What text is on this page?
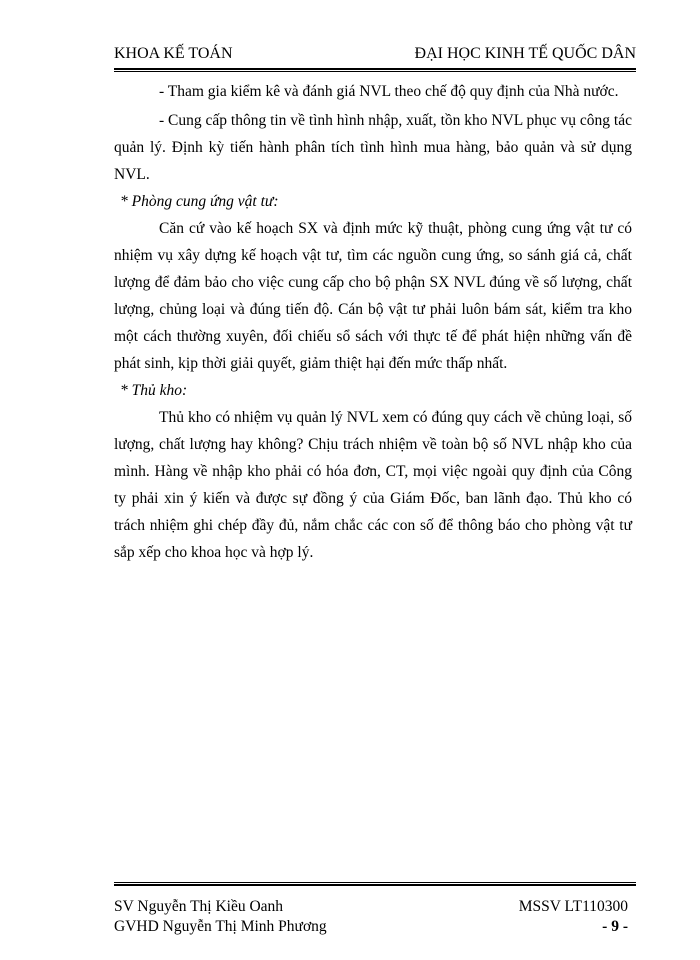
KHOA KẾ TOÁN	ĐẠI HỌC KINH TẾ QUỐC DÂN

- Tham gia kiểm kê và đánh giá NVL theo chế độ quy định của Nhà nước.

- Cung cấp thông tin về tình hình nhập, xuất, tồn kho NVL phục vụ công tác quản lý. Định kỳ tiến hành phân tích tình hình mua hàng, bảo quản và sử dụng NVL.

* Phòng cung ứng vật tư:

Căn cứ vào kế hoạch SX và định mức kỹ thuật, phòng cung ứng vật tư có nhiệm vụ xây dựng kế hoạch vật tư, tìm các nguồn cung ứng, so sánh giá cả, chất lượng để đảm bảo cho việc cung cấp cho bộ phận SX NVL đúng về số lượng, chất lượng, chủng loại và đúng tiến độ. Cán bộ vật tư phải luôn bám sát, kiểm tra kho một cách thường xuyên, đối chiếu sổ sách với thực tế để phát hiện những vấn đề phát sinh, kịp thời giải quyết, giảm thiệt hại đến mức thấp nhất.

* Thủ kho:

Thủ kho có nhiệm vụ quản lý NVL xem có đúng quy cách về chủng loại, số lượng, chất lượng hay không? Chịu trách nhiệm về toàn bộ số NVL nhập kho của mình. Hàng về nhập kho phải có hóa đơn, CT, mọi việc ngoài quy định của Công ty phải xin ý kiến và được sự đồng ý của Giám Đốc, ban lãnh đạo. Thủ kho có trách nhiệm ghi chép đầy đủ, nắm chắc các con số để thông báo cho phòng vật tư sắp xếp cho khoa học và hợp lý.

SV Nguyễn Thị Kiều Oanh	MSSV LT110300
GVHD Nguyễn Thị Minh Phương	- 9 -
